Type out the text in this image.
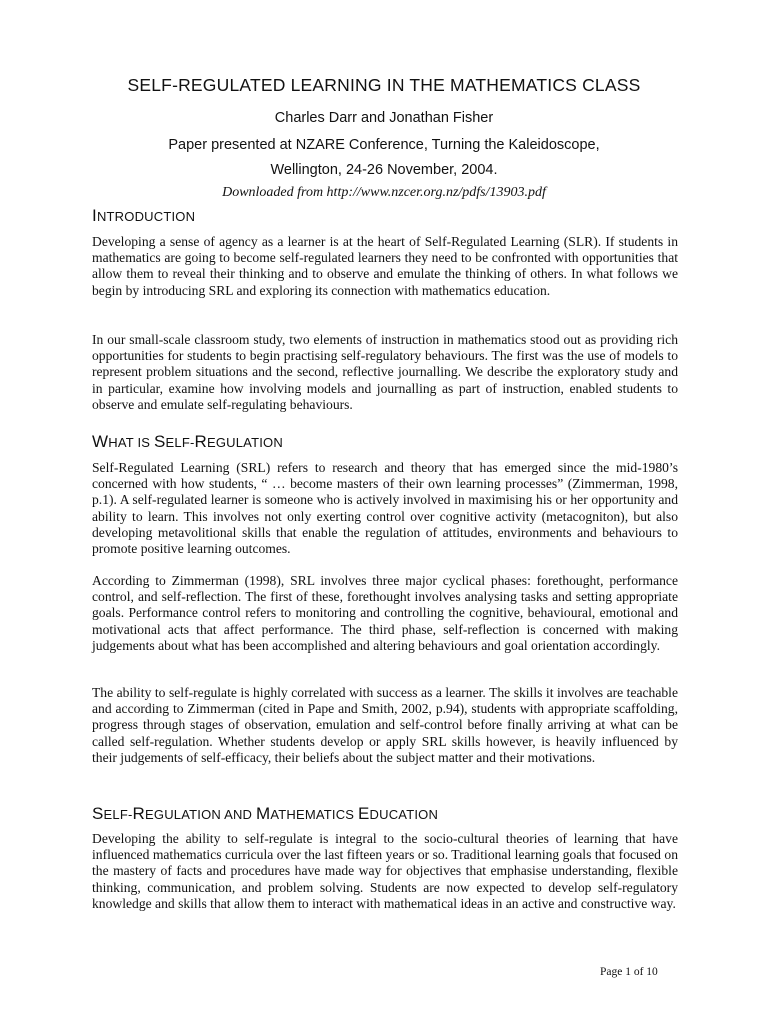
SELF-REGULATED LEARNING IN THE MATHEMATICS CLASS
Charles Darr and Jonathan Fisher
Paper presented at NZARE Conference, Turning the Kaleidoscope,
Wellington, 24-26 November, 2004.
Downloaded from http://www.nzcer.org.nz/pdfs/13903.pdf
INTRODUCTION

Developing a sense of agency as a learner is at the heart of Self-Regulated Learning (SLR). If students in mathematics are going to become self-regulated learners they need to be confronted with opportunities that allow them to reveal their thinking and to observe and emulate the thinking of others. In what follows we begin by introducing SRL and exploring its connection with mathematics education.

In our small-scale classroom study, two elements of instruction in mathematics stood out as providing rich opportunities for students to begin practising self-regulatory behaviours. The first was the use of models to represent problem situations and the second, reflective journalling. We describe the exploratory study and in particular, examine how involving models and journalling as part of instruction, enabled students to observe and emulate self-regulating behaviours.

WHAT IS SELF-REGULATION

Self-Regulated Learning (SRL) refers to research and theory that has emerged since the mid-1980’s concerned with how students, “ … become masters of their own learning processes” (Zimmerman, 1998, p.1). A self-regulated learner is someone who is actively involved in maximising his or her opportunity and ability to learn. This involves not only exerting control over cognitive activity (metacogniton), but also developing metavolitional skills that enable the regulation of attitudes, environments and behaviours to promote positive learning outcomes.

According to Zimmerman (1998), SRL involves three major cyclical phases: forethought, performance control, and self-reflection. The first of these, forethought involves analysing tasks and setting appropriate goals. Performance control refers to monitoring and controlling the cognitive, behavioural, emotional and motivational acts that affect performance. The third phase, self-reflection is concerned with making judgements about what has been accomplished and altering behaviours and goal orientation accordingly.

The ability to self-regulate is highly correlated with success as a learner. The skills it involves are teachable and according to Zimmerman (cited in Pape and Smith, 2002, p.94), students with appropriate scaffolding, progress through stages of observation, emulation and self-control before finally arriving at what can be called self-regulation. Whether students develop or apply SRL skills however, is heavily influenced by their judgements of self-efficacy, their beliefs about the subject matter and their motivations.

SELF-REGULATION AND MATHEMATICS EDUCATION

Developing the ability to self-regulate is integral to the socio-cultural theories of learning that have influenced mathematics curricula over the last fifteen years or so. Traditional learning goals that focused on the mastery of facts and procedures have made way for objectives that emphasise understanding, flexible thinking, communication, and problem solving. Students are now expected to develop self-regulatory knowledge and skills that allow them to interact with mathematical ideas in an active and constructive way.

Page 1 of 10
